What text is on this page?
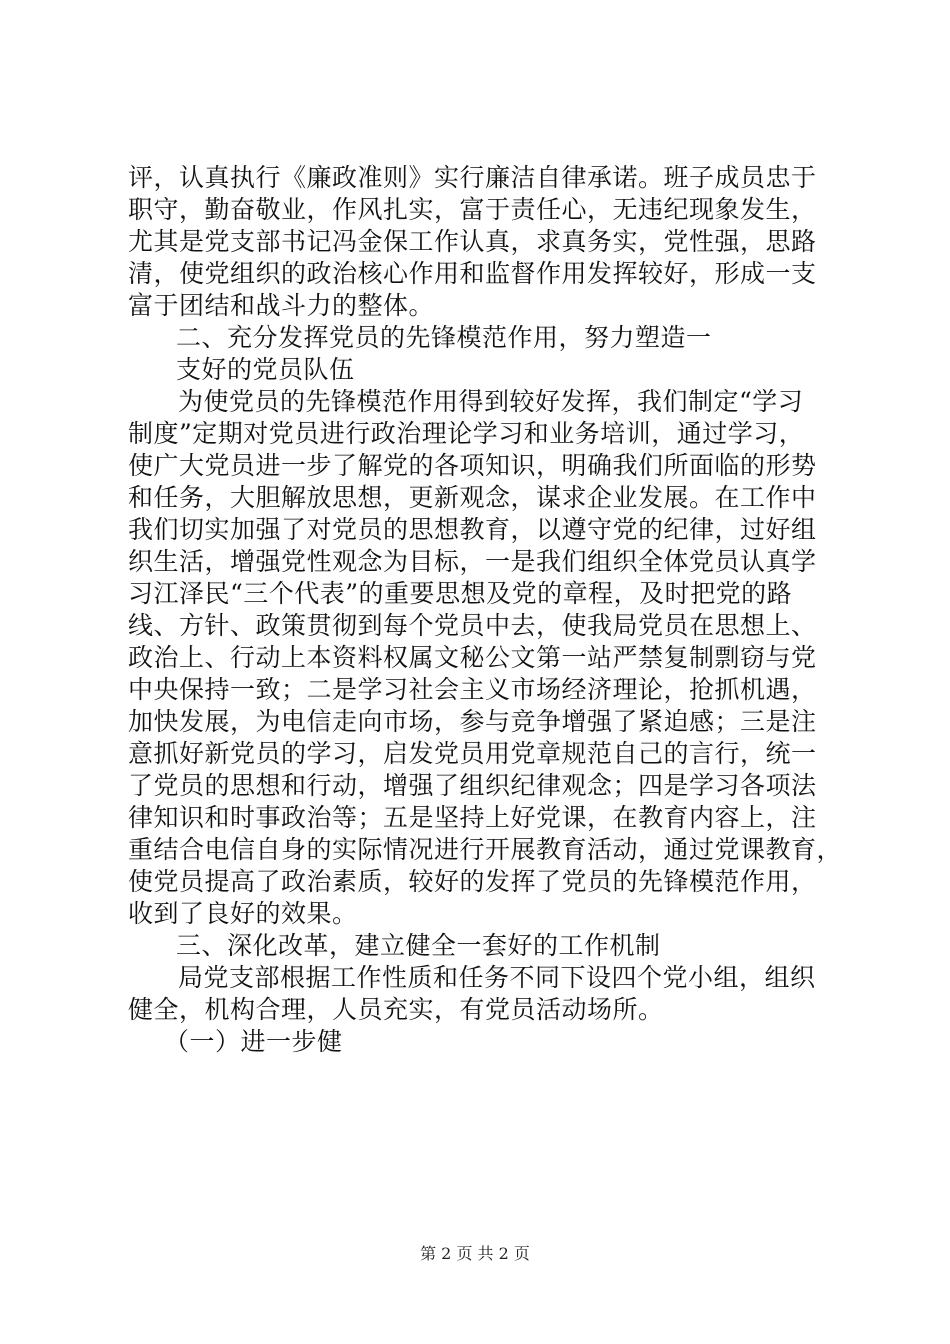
评，认真执行《廉政准则》实行廉洁自律承诺。班子成员忠于
职守，勤奋敬业，作风扎实，富于责任心，无违纪现象发生，
尤其是党支部书记冯金保工作认真，求真务实，党性强，思路
清，使党组织的政治核心作用和监督作用发挥较好，形成一支
富于团结和战斗力的整体。
二、充分发挥党员的先锋模范作用，努力塑造一
支好的党员队伍
为使党员的先锋模范作用得到较好发挥，我们制定“学习
制度”定期对党员进行政治理论学习和业务培训，通过学习，
使广大党员进一步了解党的各项知识，明确我们所面临的形势
和任务，大胆解放思想，更新观念，谋求企业发展。在工作中
我们切实加强了对党员的思想教育，以遵守党的纪律，过好组
织生活，增强党性观念为目标，一是我们组织全体党员认真学
习江泽民“三个代表”的重要思想及党的章程，及时把党的路
线、方针、政策贯彻到每个党员中去，使我局党员在思想上、
政治上、行动上本资料权属文秘公文第一站严禁复制剽窃与党
中央保持一致；二是学习社会主义市场经济理论，抢抓机遇，
加快发展，为电信走向市场，参与竞争增强了紧迫感；三是注
意抓好新党员的学习，启发党员用党章规范自己的言行，统一
了党员的思想和行动，增强了组织纪律观念；四是学习各项法
律知识和时事政治等；五是坚持上好党课，在教育内容上，注
重结合电信自身的实际情况进行开展教育活动，通过党课教育，
使党员提高了政治素质，较好的发挥了党员的先锋模范作用，
收到了良好的效果。
三、深化改革，建立健全一套好的工作机制
局党支部根据工作性质和任务不同下设四个党小组，组织
健全，机构合理，人员充实，有党员活动场所。
（一）进一步健
第 2 页 共 2 页
